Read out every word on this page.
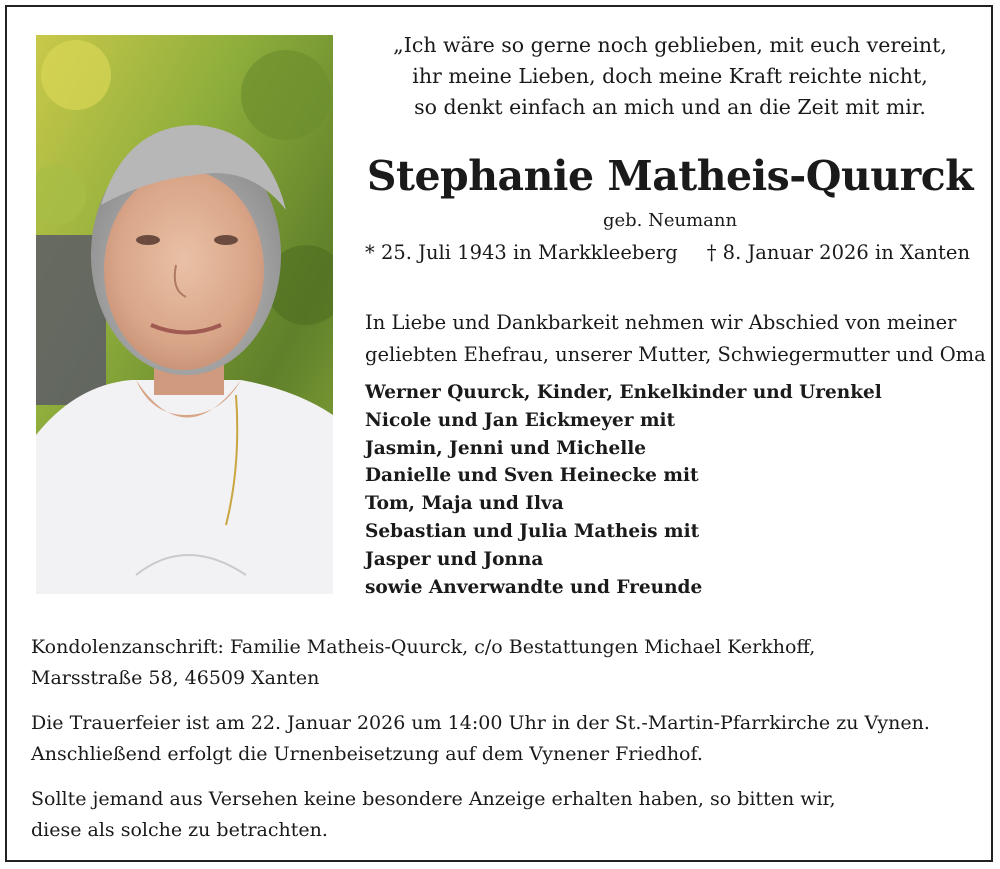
„Ich wäre so gerne noch geblieben, mit euch vereint,
ihr meine Lieben, doch meine Kraft reichte nicht,
so denkt einfach an mich und an die Zeit mit mir.
Stephanie Matheis-Quurck
geb. Neumann
* 25. Juli 1943 in Markkleeberg † 8. Januar 2026 in Xanten
In Liebe und Dankbarkeit nehmen wir Abschied von meiner
geliebten Ehefrau, unserer Mutter, Schwiegermutter und Oma
Werner Quurck, Kinder, Enkelkinder und Urenkel
Nicole und Jan Eickmeyer mit
Jasmin, Jenni und Michelle
Danielle und Sven Heinecke mit
Tom, Maja und Ilva
Sebastian und Julia Matheis mit
Jasper und Jonna
sowie Anverwandte und Freunde
Kondolenzanschrift: Familie Matheis-Quurck, c/o Bestattungen Michael Kerkhoff,
Marsstraße 58, 46509 Xanten
Die Trauerfeier ist am 22. Januar 2026 um 14:00 Uhr in der St.-Martin-Pfarrkirche zu Vynen.
Anschließend erfolgt die Urnenbeisetzung auf dem Vynener Friedhof.
Sollte jemand aus Versehen keine besondere Anzeige erhalten haben, so bitten wir,
diese als solche zu betrachten.
